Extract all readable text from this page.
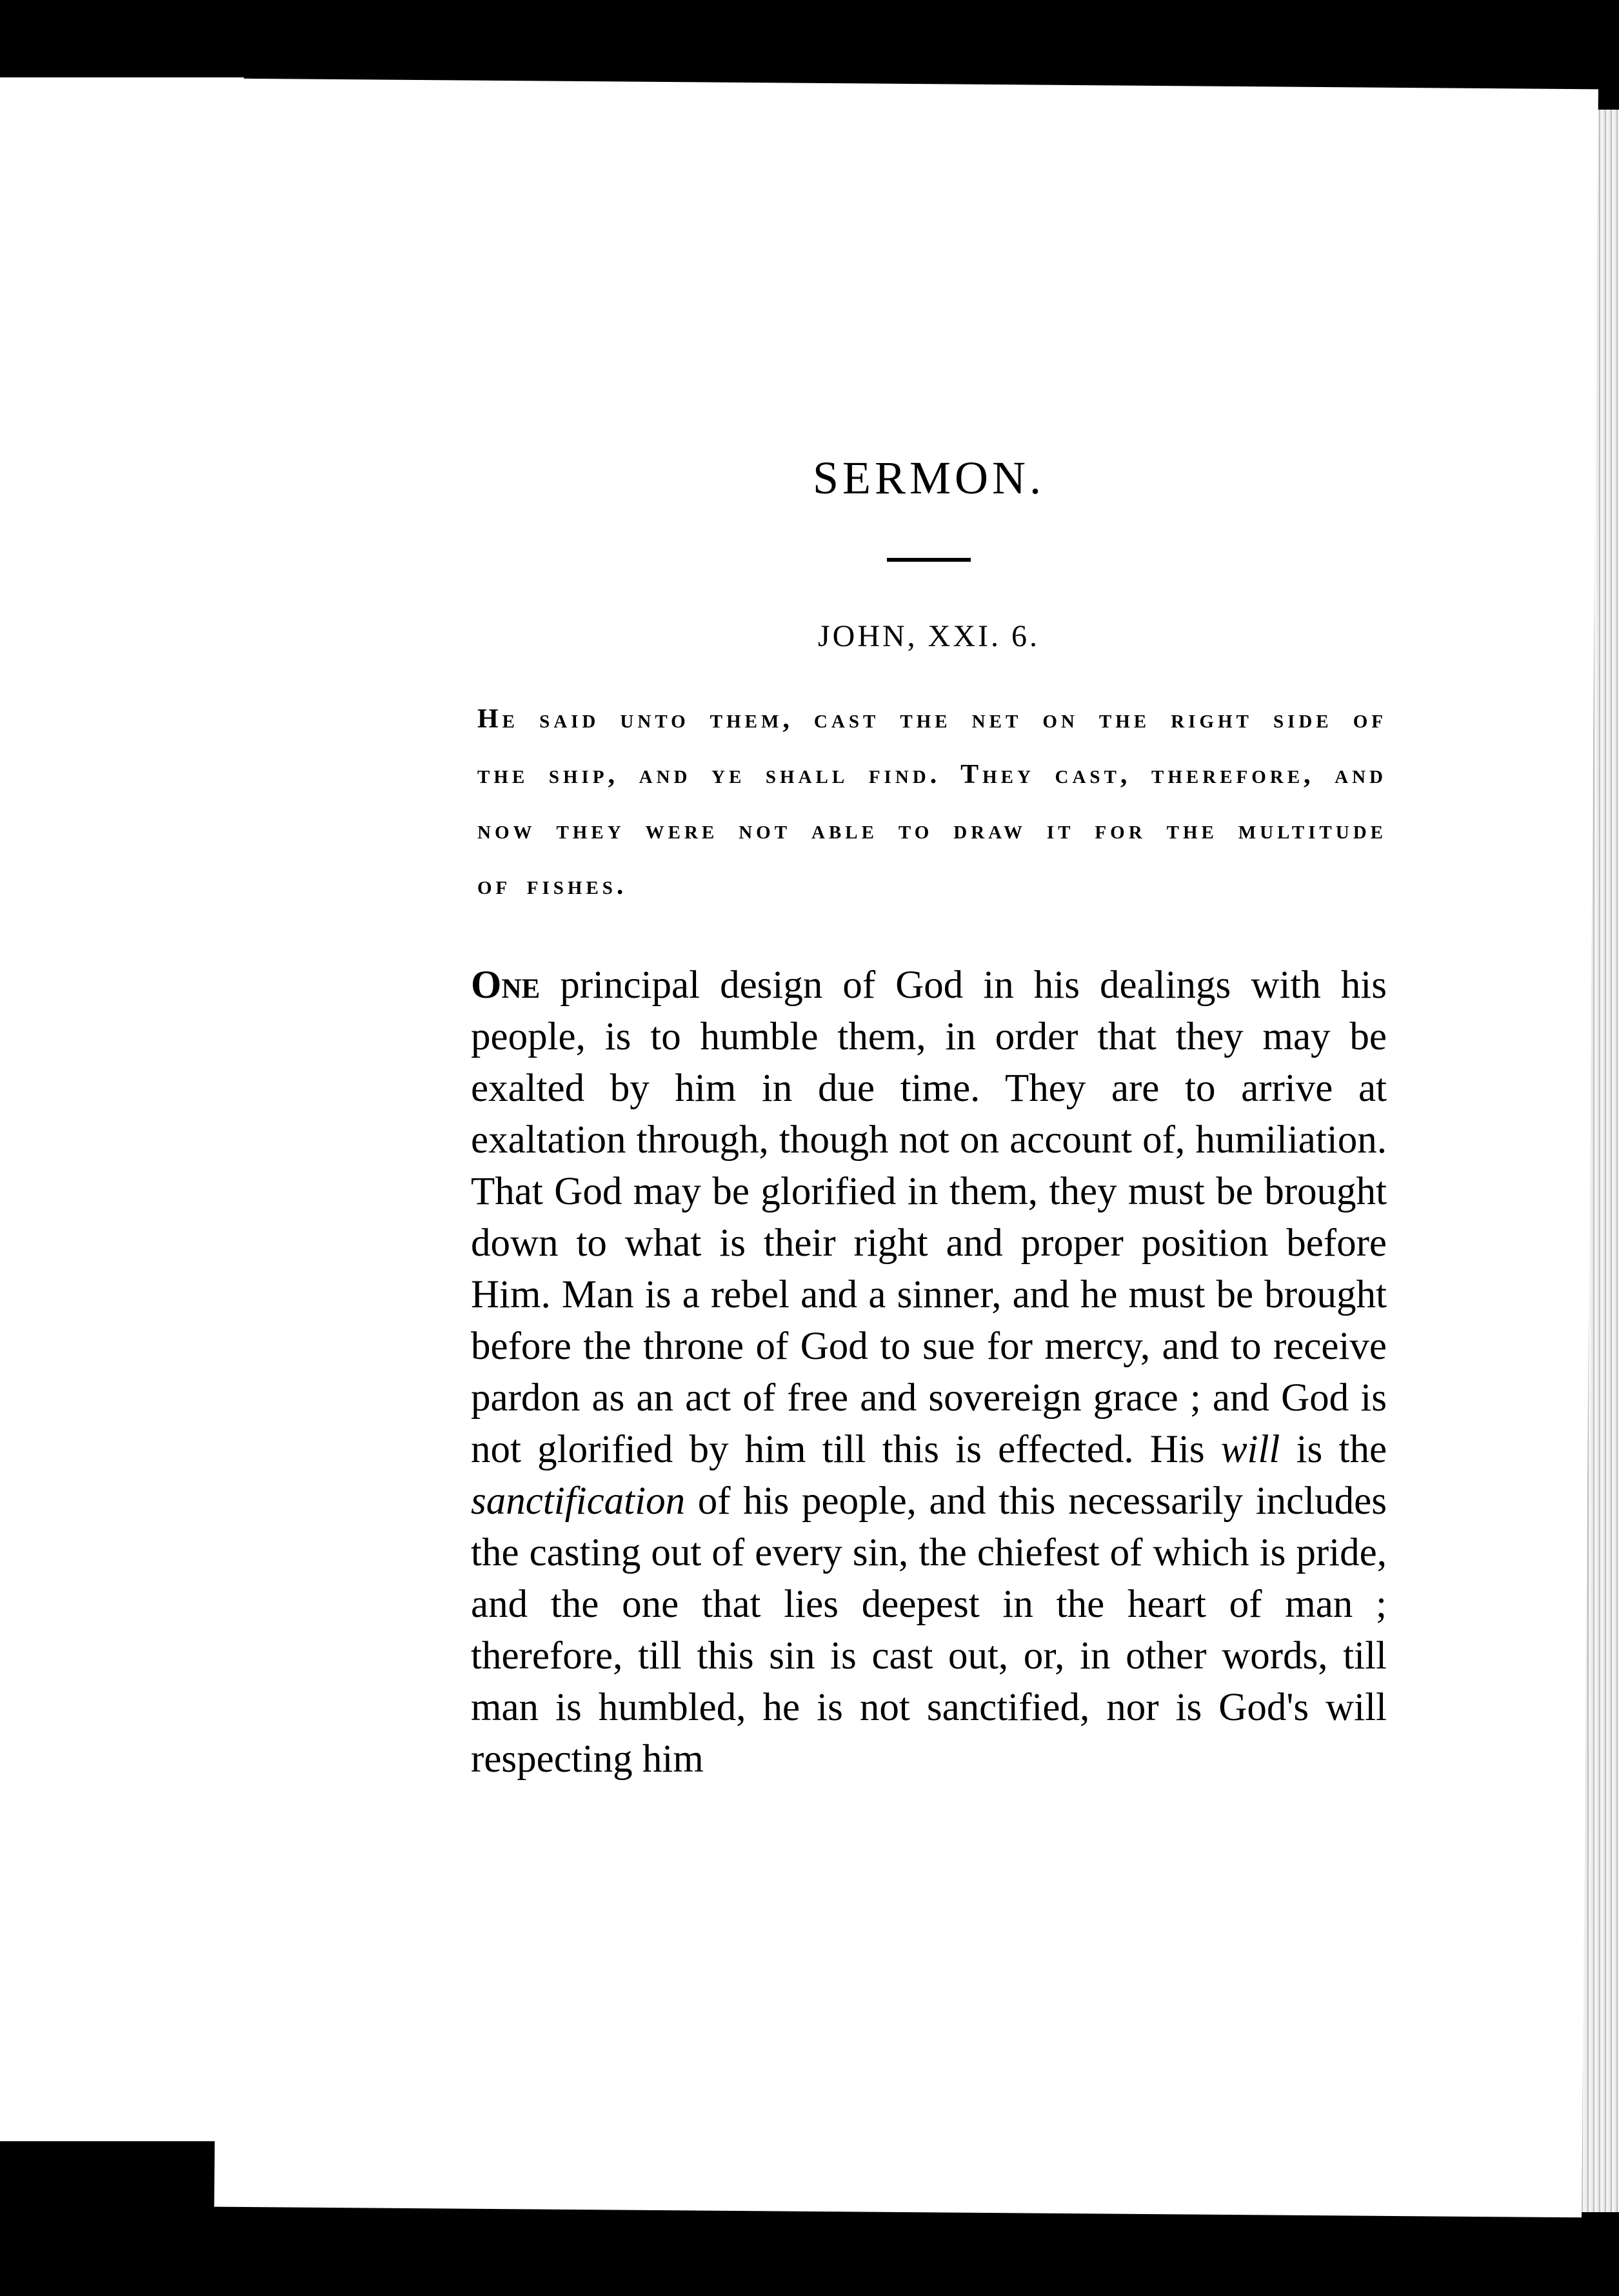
SERMON.
JOHN, XXI. 6.
He said unto them, cast the net on the right side of the ship, and ye shall find. They cast, therefore, and now they were not able to draw it for the multitude of fishes.

One principal design of God in his dealings with his people, is to humble them, in order that they may be exalted by him in due time. They are to arrive at exaltation through, though not on account of, humiliation. That God may be glorified in them, they must be brought down to what is their right and proper position before Him. Man is a rebel and a sinner, and he must be brought before the throne of God to sue for mercy, and to receive pardon as an act of free and sovereign grace ; and God is not glorified by him till this is effected. His will is the sanctification of his people, and this necessarily includes the casting out of every sin, the chiefest of which is pride, and the one that lies deepest in the heart of man ; therefore, till this sin is cast out, or, in other words, till man is humbled, he is not sanctified, nor is God's will respecting him
